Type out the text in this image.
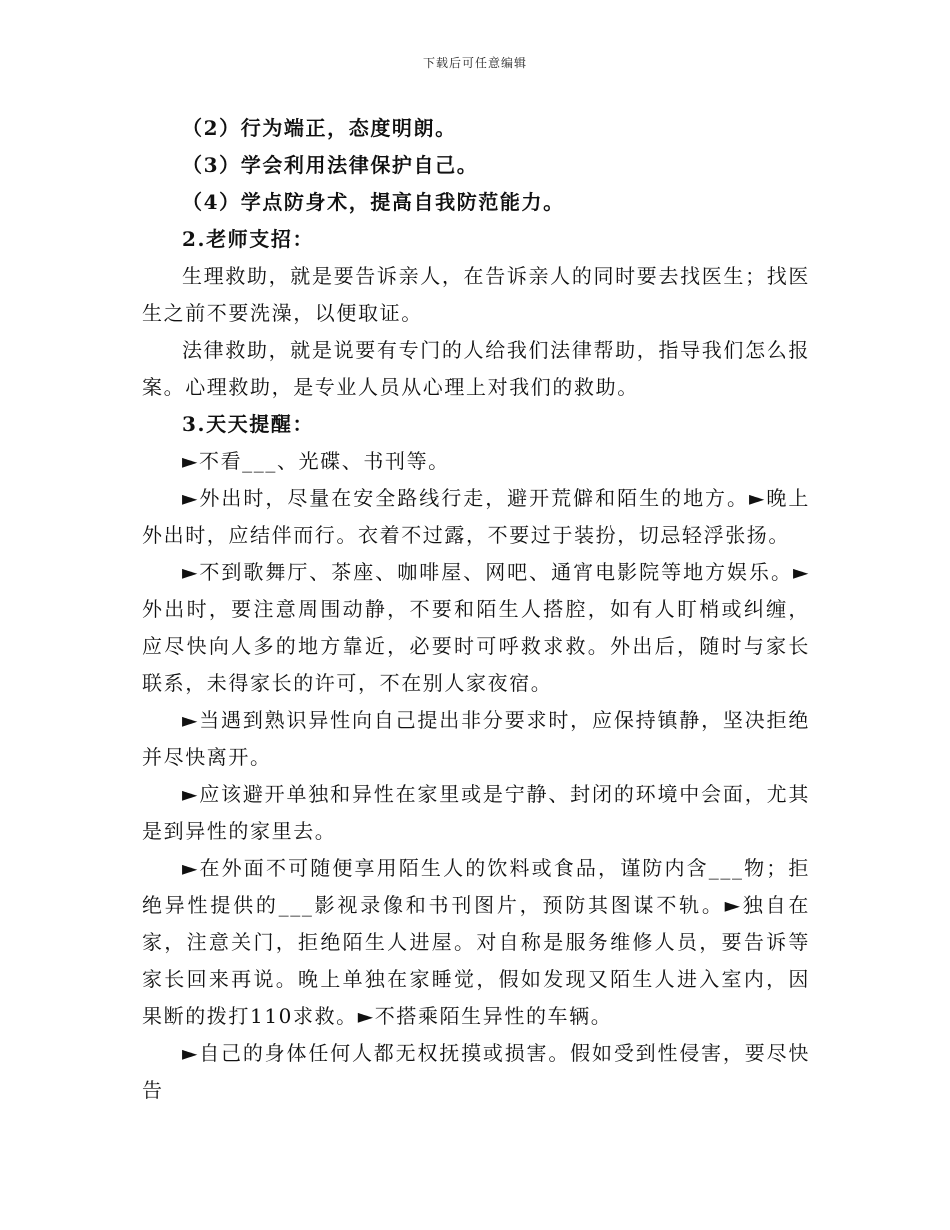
下载后可任意编辑

（2）行为端正，态度明朗。

（3）学会利用法律保护自己。

（4）学点防身术，提高自我防范能力。

2.老师支招：

生理救助，就是要告诉亲人，在告诉亲人的同时要去找医生；找医生之前不要洗澡，以便取证。

法律救助，就是说要有专门的人给我们法律帮助，指导我们怎么报案。心理救助，是专业人员从心理上对我们的救助。

3.天天提醒：

►不看___、光碟、书刊等。

►外出时，尽量在安全路线行走，避开荒僻和陌生的地方。►晚上外出时，应结伴而行。衣着不过露，不要过于装扮，切忌轻浮张扬。

►不到歌舞厅、茶座、咖啡屋、网吧、通宵电影院等地方娱乐。►外出时，要注意周围动静，不要和陌生人搭腔，如有人盯梢或纠缠，应尽快向人多的地方靠近，必要时可呼救求救。外出后，随时与家长联系，未得家长的许可，不在别人家夜宿。

►当遇到熟识异性向自己提出非分要求时，应保持镇静，坚决拒绝并尽快离开。

►应该避开单独和异性在家里或是宁静、封闭的环境中会面，尤其是到异性的家里去。

►在外面不可随便享用陌生人的饮料或食品，谨防内含___物；拒绝异性提供的___影视录像和书刊图片，预防其图谋不轨。►独自在家，注意关门，拒绝陌生人进屋。对自称是服务维修人员，要告诉等家长回来再说。晚上单独在家睡觉，假如发现又陌生人进入室内，因果断的拨打110求救。►不搭乘陌生异性的车辆。

►自己的身体任何人都无权抚摸或损害。假如受到性侵害，要尽快告
